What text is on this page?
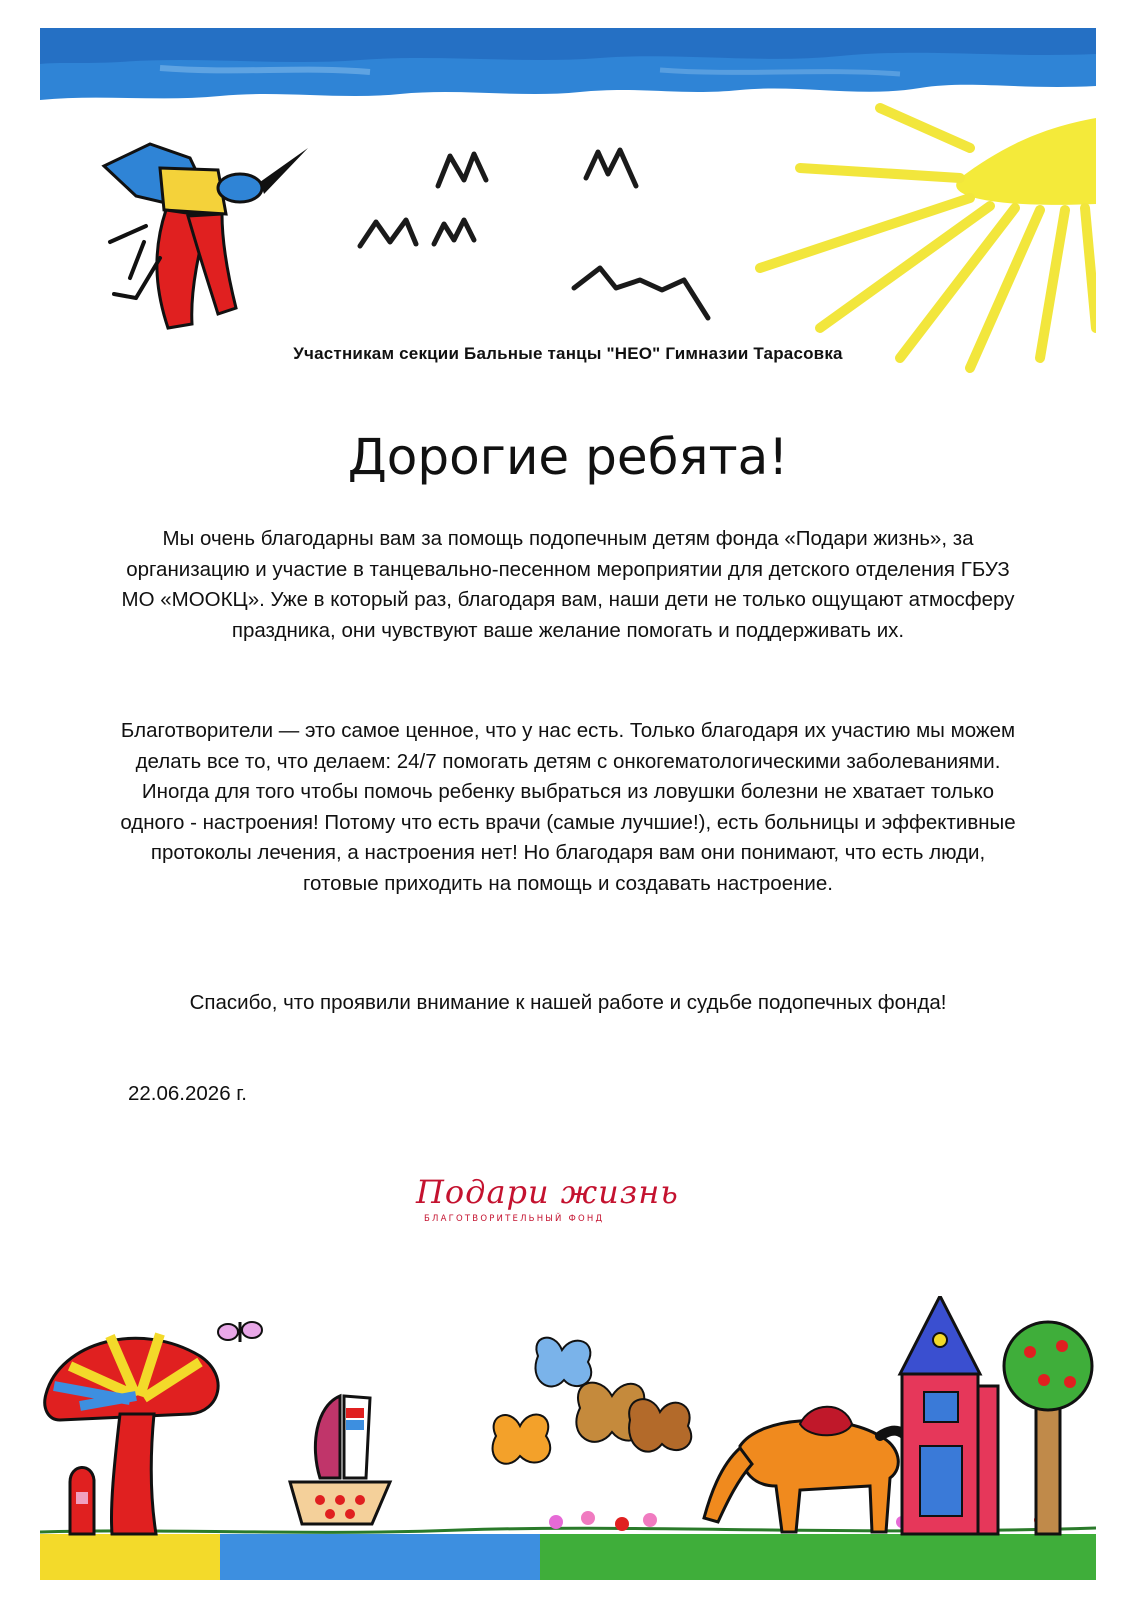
Участникам секции Бальные танцы "НЕО" Гимназии Тарасовка
Дорогие ребята!
Мы очень благодарны вам за помощь подопечным детям фонда «Подари жизнь», за организацию и участие в танцевально-песенном мероприятии для детского отделения ГБУЗ МО «МООКЦ». Уже в который раз, благодаря вам, наши дети не только ощущают атмосферу праздника, они чувствуют ваше желание помогать и поддерживать их.
Благотворители — это самое ценное, что у нас есть. Только благодаря их участию мы можем делать все то, что делаем: 24/7 помогать детям с онкогематологическими заболеваниями. Иногда для того чтобы помочь ребенку выбраться из ловушки болезни не хватает только одного - настроения! Потому что есть врачи (самые лучшие!), есть больницы и эффективные протоколы лечения, а настроения нет! Но благодаря вам они понимают, что есть люди, готовые приходить на помощь и создавать настроение.
Спасибо, что проявили внимание к нашей работе и судьбе подопечных фонда!
22.06.2026 г.
Подари жизнь
БЛАГОТВОРИТЕЛЬНЫЙ ФОНД
